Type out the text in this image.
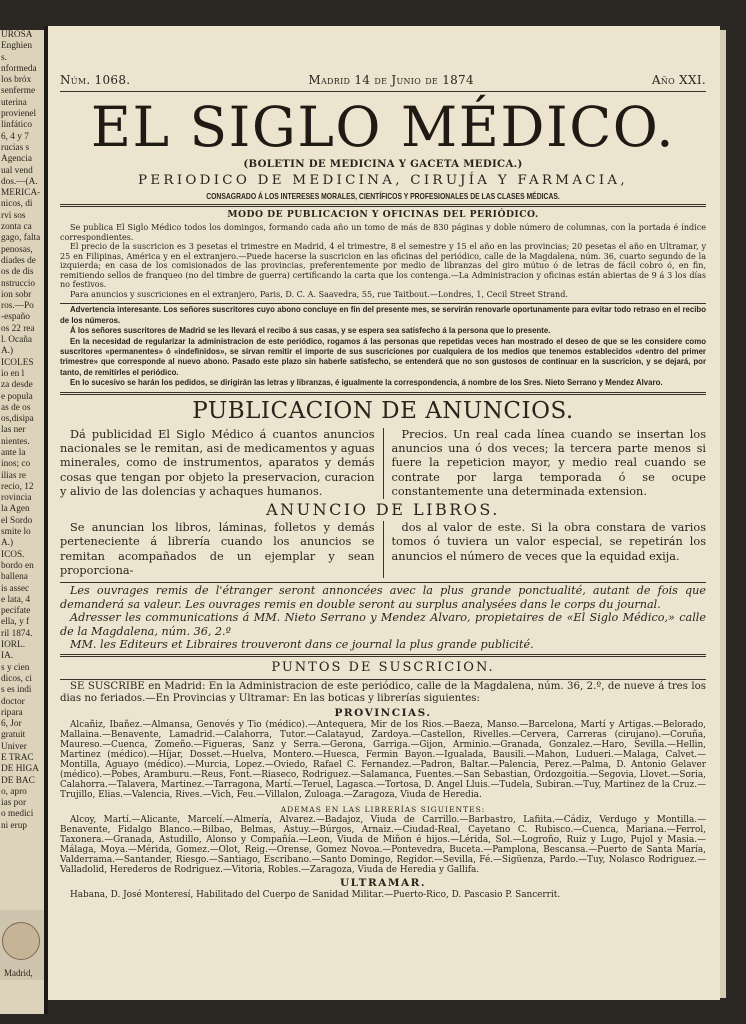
UROSA
Enghien
s.
nformeda
los bróx
senferme
uterina
provienel
linfático
6, 4 y 7
rucias s
Agencia
ual vend
dos.—(A.
MERICA-
nicos, di
rvi sos
zonta ca
gago, falta
penosas,
diades de
os de dis
nstruccio
ion sobr
ros.—Po
-españo
os 22 rea
l. Ocaña
A.)
ICOLES
io en l
za desde
e popula
as de os
os,disipa
las ner
nientes.
ante la
inos; co
ilias re
recio, 12
rovincia
la Agen
el Sordo
smite lo
A.)
ICOS.
bordo en
ballena
is assec
e lata, 4
pecifate
ella, y f
ril 1874.
IORL.
IA.
s y cien
dicos, ci
s es indi
doctor
ripara
6, Jor
gratuit
Univer
E TRAC
DE HIGA
DE BAC
o, apro
ias por
o medici
ni erup
Madrid,
Núm. 1068.	Madrid 14 de Junio de 1874	Año XXI.
EL SIGLO MÉDICO.
(BOLETIN DE MEDICINA Y GACETA MEDICA.)
PERIODICO DE MEDICINA, CIRUJÍA Y FARMACIA,
CONSAGRADO Á LOS INTERESES MORALES, CIENTÍFICOS Y PROFESIONALES DE LAS CLASES MÉDICAS.
MODO DE PUBLICACION Y OFICINAS DEL PERIÓDICO.

Se publica El Siglo Médico todos los domingos, formando cada año un tomo de más de 830 páginas y doble número de columnas, con la portada é índice correspondientes.

El precio de la suscricion es 3 pesetas el trimestre en Madrid, 4 el trimestre, 8 el semestre y 15 el año en las provincias; 20 pesetas el año en Ultramar, y 25 en Filipinas, América y en el extranjero.—Puede hacerse la suscricion en las oficinas del periódico, calle de la Magdalena, núm. 36, cuarto segundo de la izquierda; en casa de los comisionados de las provincias, preferentemente por medio de libranzas del giro mútuo ó de letras de fácil cobro ó, en fin, remitiendo sellos de franqueo (no del timbre de guerra) certificando la carta que los contenga.—La Administracion y oficinas están abiertas de 9 á 3 los días no festivos.

Para anuncios y suscriciones en el extranjero, Paris, D. C. A. Saavedra, 55, rue Taitbout.—Londres, 1, Cecil Street Strand.

Advertencia interesante. Los señores suscritores cuyo abono concluye en fin del presente mes, se servirán renovarle oportunamente para evitar todo retraso en el recibo de los números.

Á los señores suscritores de Madrid se les llevará el recibo á sus casas, y se espera sea satisfecho á la persona que lo presente.

En la necesidad de regularizar la administracion de este periódico, rogamos á las personas que repetidas veces han mostrado el deseo de que se les considere como suscritores «permanentes» ó «indefinidos», se sirvan remitir el importe de sus suscriciones por cualquiera de los medios que tenemos establecidos «dentro del primer trimestre» que corresponde al nuevo abono. Pasado este plazo sin haberle satisfecho, se entenderá que no son gustosos de continuar en la suscricion, y se dejará, por tanto, de remitírles el periódico.

En lo sucesivo se harán los pedidos, se dirigirán las letras y libranzas, é igualmente la correspondencia, á nombre de los Sres. Nieto Serrano y Mendez Alvaro.

PUBLICACION DE ANUNCIOS.

Dá publicidad El Siglo Médico á cuantos anuncios nacionales se le remitan, asi de medicamentos y aguas minerales, como de instrumentos, aparatos y demás cosas que tengan por objeto la preservacion, curacion y alivio de las dolencias y achaques humanos.

Precios. Un real cada línea cuando se insertan los anuncios una ó dos veces; la tercera parte menos si fuere la repeticion mayor, y medio real cuando se contrate por larga temporada ó se ocupe constantemente una determinada extension.

ANUNCIO DE LIBROS.

Se anuncian los libros, láminas, folletos y demás perteneciente á librería cuando los anuncios se remitan acompañados de un ejemplar y sean proporciona-

dos al valor de este. Si la obra constara de varios tomos ó tuviera un valor especial, se repetirán los anuncios el número de veces que la equidad exija.

Les ouvrages remis de l'étranger seront annoncées avec la plus grande ponctualité, autant de fois que demanderá sa valeur. Les ouvrages remis en double seront au surplus analysées dans le corps du journal.

Adresser les communications á MM. Nieto Serrano y Mendez Alvaro, propietaires de «El Siglo Médico,» calle de la Magdalena, núm. 36, 2.º

MM. les Editeurs et Libraires trouveront dans ce journal la plus grande publicité.

PUNTOS DE SUSCRICION.

SE SUSCRIBE en Madrid: En la Administracion de este periódico, calle de la Magdalena, núm. 36, 2.º, de nueve á tres los dias no feriados.—En Provincias y Ultramar: En las boticas y librerías siguientes:

PROVINCIAS.

Alcañiz, Ibañez.—Almansa, Genovés y Tio (médico).—Antequera, Mir de los Rios.—Baeza, Manso.—Barcelona, Martí y Artigas.—Belorado, Mallaina.—Benavente, Lamadrid.—Calahorra, Tutor.—Calatayud, Zardoya.—Castellon, Rivelles.—Cervera, Carreras (cirujano).—Coruña, Maureso.—Cuenca, Zomeño.—Figueras, Sanz y Serra.—Gerona, Garriga.—Gijon, Arminio.—Granada, Gonzalez.—Haro, Sevilla.—Hellin, Martinez (médico).—Híjar, Dosset.—Huelva, Montero.—Huesca, Fermin Bayon.—Igualada, Bausili.—Mahon, Ludueri.—Malaga, Calvet.—Montilla, Aguayo (médico).—Murcia, Lopez.—Oviedo, Rafael C. Fernandez.—Padron, Baltar.—Palencia, Perez.—Palma, D. Antonio Gelaver (médico).—Pobes, Aramburu.—Reus, Font.—Riaseco, Rodriguez.—Salamanca, Fuentes.—San Sebastian, Ordozgoitia.—Segovia, Llovet.—Soria, Calahorra.—Talavera, Martinez.—Tarragona, Martí.—Teruel, Lagasca.—Tortosa, D. Angel Lluis.—Tudela, Subiran.—Tuy, Martinez de la Cruz.—Trujillo, Elias.—Valencia, Rives.—Vich, Feu.—Villalon, Zuloaga.—Zaragoza, Viuda de Heredia.

ADEMAS EN LAS LIBRERÍAS SIGUIENTES:

Alcoy, Martí.—Alicante, Marcelí.—Almería, Alvarez.—Badajoz, Viuda de Carrillo.—Barbastro, Lafiita.—Cádiz, Verdugo y Montilla.—Benavente, Fidalgo Blanco.—Bilbao, Belmas, Astuy.—Búrgos, Arnaiz.—Ciudad-Real, Cayetano C. Rubisco.—Cuenca, Mariana.—Ferrol, Taxonera.—Granada, Astudillo, Alonso y Compañía.—Leon, Viuda de Miñon é hijos.—Lérida, Sol.—Logroño, Ruiz y Lugo, Pujol y Masia.—Málaga, Moya.—Mérida, Gomez.—Olot, Reig.—Orense, Gomez Novoa.—Pontevedra, Buceta.—Pamplona, Bescansa.—Puerto de Santa María, Valderrama.—Santander, Riesgo.—Santiago, Escribano.—Santo Domingo, Regidor.—Sevilla, Fé.—Sigüenza, Pardo.—Tuy, Nolasco Rodriguez.—Valladolid, Herederos de Rodriguez.—Vitoria, Robles.—Zaragoza, Viuda de Heredia y Gallifa.

ULTRAMAR.

Habana, D. José Monteresí, Habilitado del Cuerpo de Sanidad Militar.—Puerto-Rico, D. Pascasio P. Sancerrit.
